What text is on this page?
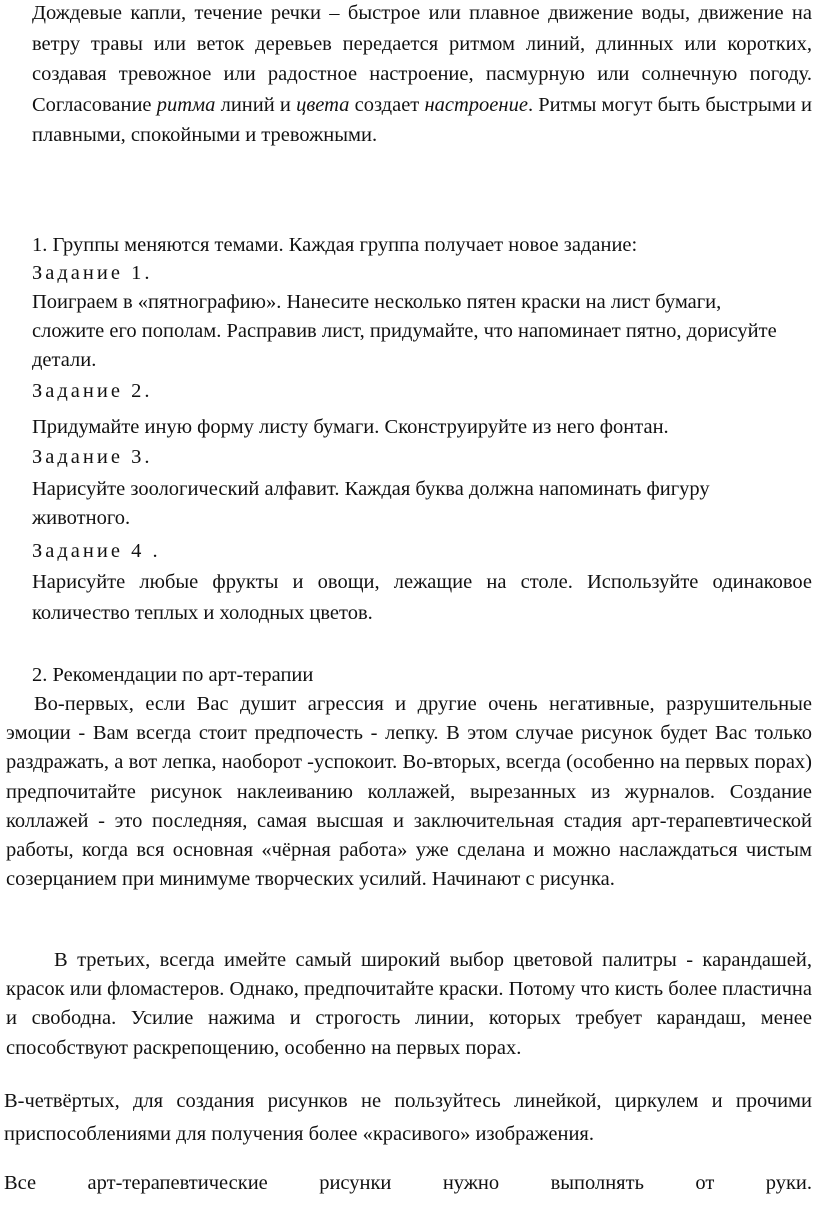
Дождевые капли, течение речки – быстрое или плавное движение воды, движение на ветру травы или веток деревьев передается ритмом линий, длинных или коротких, создавая тревожное или радостное настроение, пасмурную или солнечную погоду. Согласование ритма линий и цвета создает настроение. Ритмы могут быть быстрыми и плавными, спокойными и тревожными.

1. Группы меняются темами. Каждая группа получает новое задание:

Задание 1.

Поиграем в «пятнографию». Нанесите несколько пятен краски на лист бумаги, сложите его пополам. Расправив лист, придумайте, что напоминает пятно, дорисуйте детали.

Задание 2.

Придумайте иную форму листу бумаги. Сконструируйте из него фонтан.

Задание 3.

Нарисуйте зоологический алфавит. Каждая буква должна напоминать фигуру животного.

Задание 4 .

Нарисуйте любые фрукты и овощи, лежащие на столе. Используйте одинаковое количество теплых и холодных цветов.

2. Рекомендации по арт-терапии

Во-первых, если Вас душит агрессия и другие очень негативные, разрушительные эмоции - Вам всегда стоит предпочесть - лепку. В этом случае рисунок будет Вас только раздражать, а вот лепка, наоборот -успокоит. Во-вторых, всегда (особенно на первых порах) предпочитайте рисунок наклеиванию коллажей, вырезанных из журналов. Создание коллажей - это последняя, самая высшая и заключительная стадия арт-терапевтической работы, когда вся основная «чёрная работа» уже сделана и можно наслаждаться чистым созерцанием при минимуме творческих усилий. Начинают с рисунка.

В третьих, всегда имейте самый широкий выбор цветовой палитры - карандашей, красок или фломастеров. Однако, предпочитайте краски. Потому что кисть более пластична и свободна. Усилие нажима и строгость линии, которых требует карандаш, менее способствуют раскрепощению, особенно на первых порах.

В-четвёртых, для создания рисунков не пользуйтесь линейкой, циркулем и прочими приспособлениями для получения более «красивого» изображения.

Все арт-терапевтические рисунки нужно выполнять от руки.
